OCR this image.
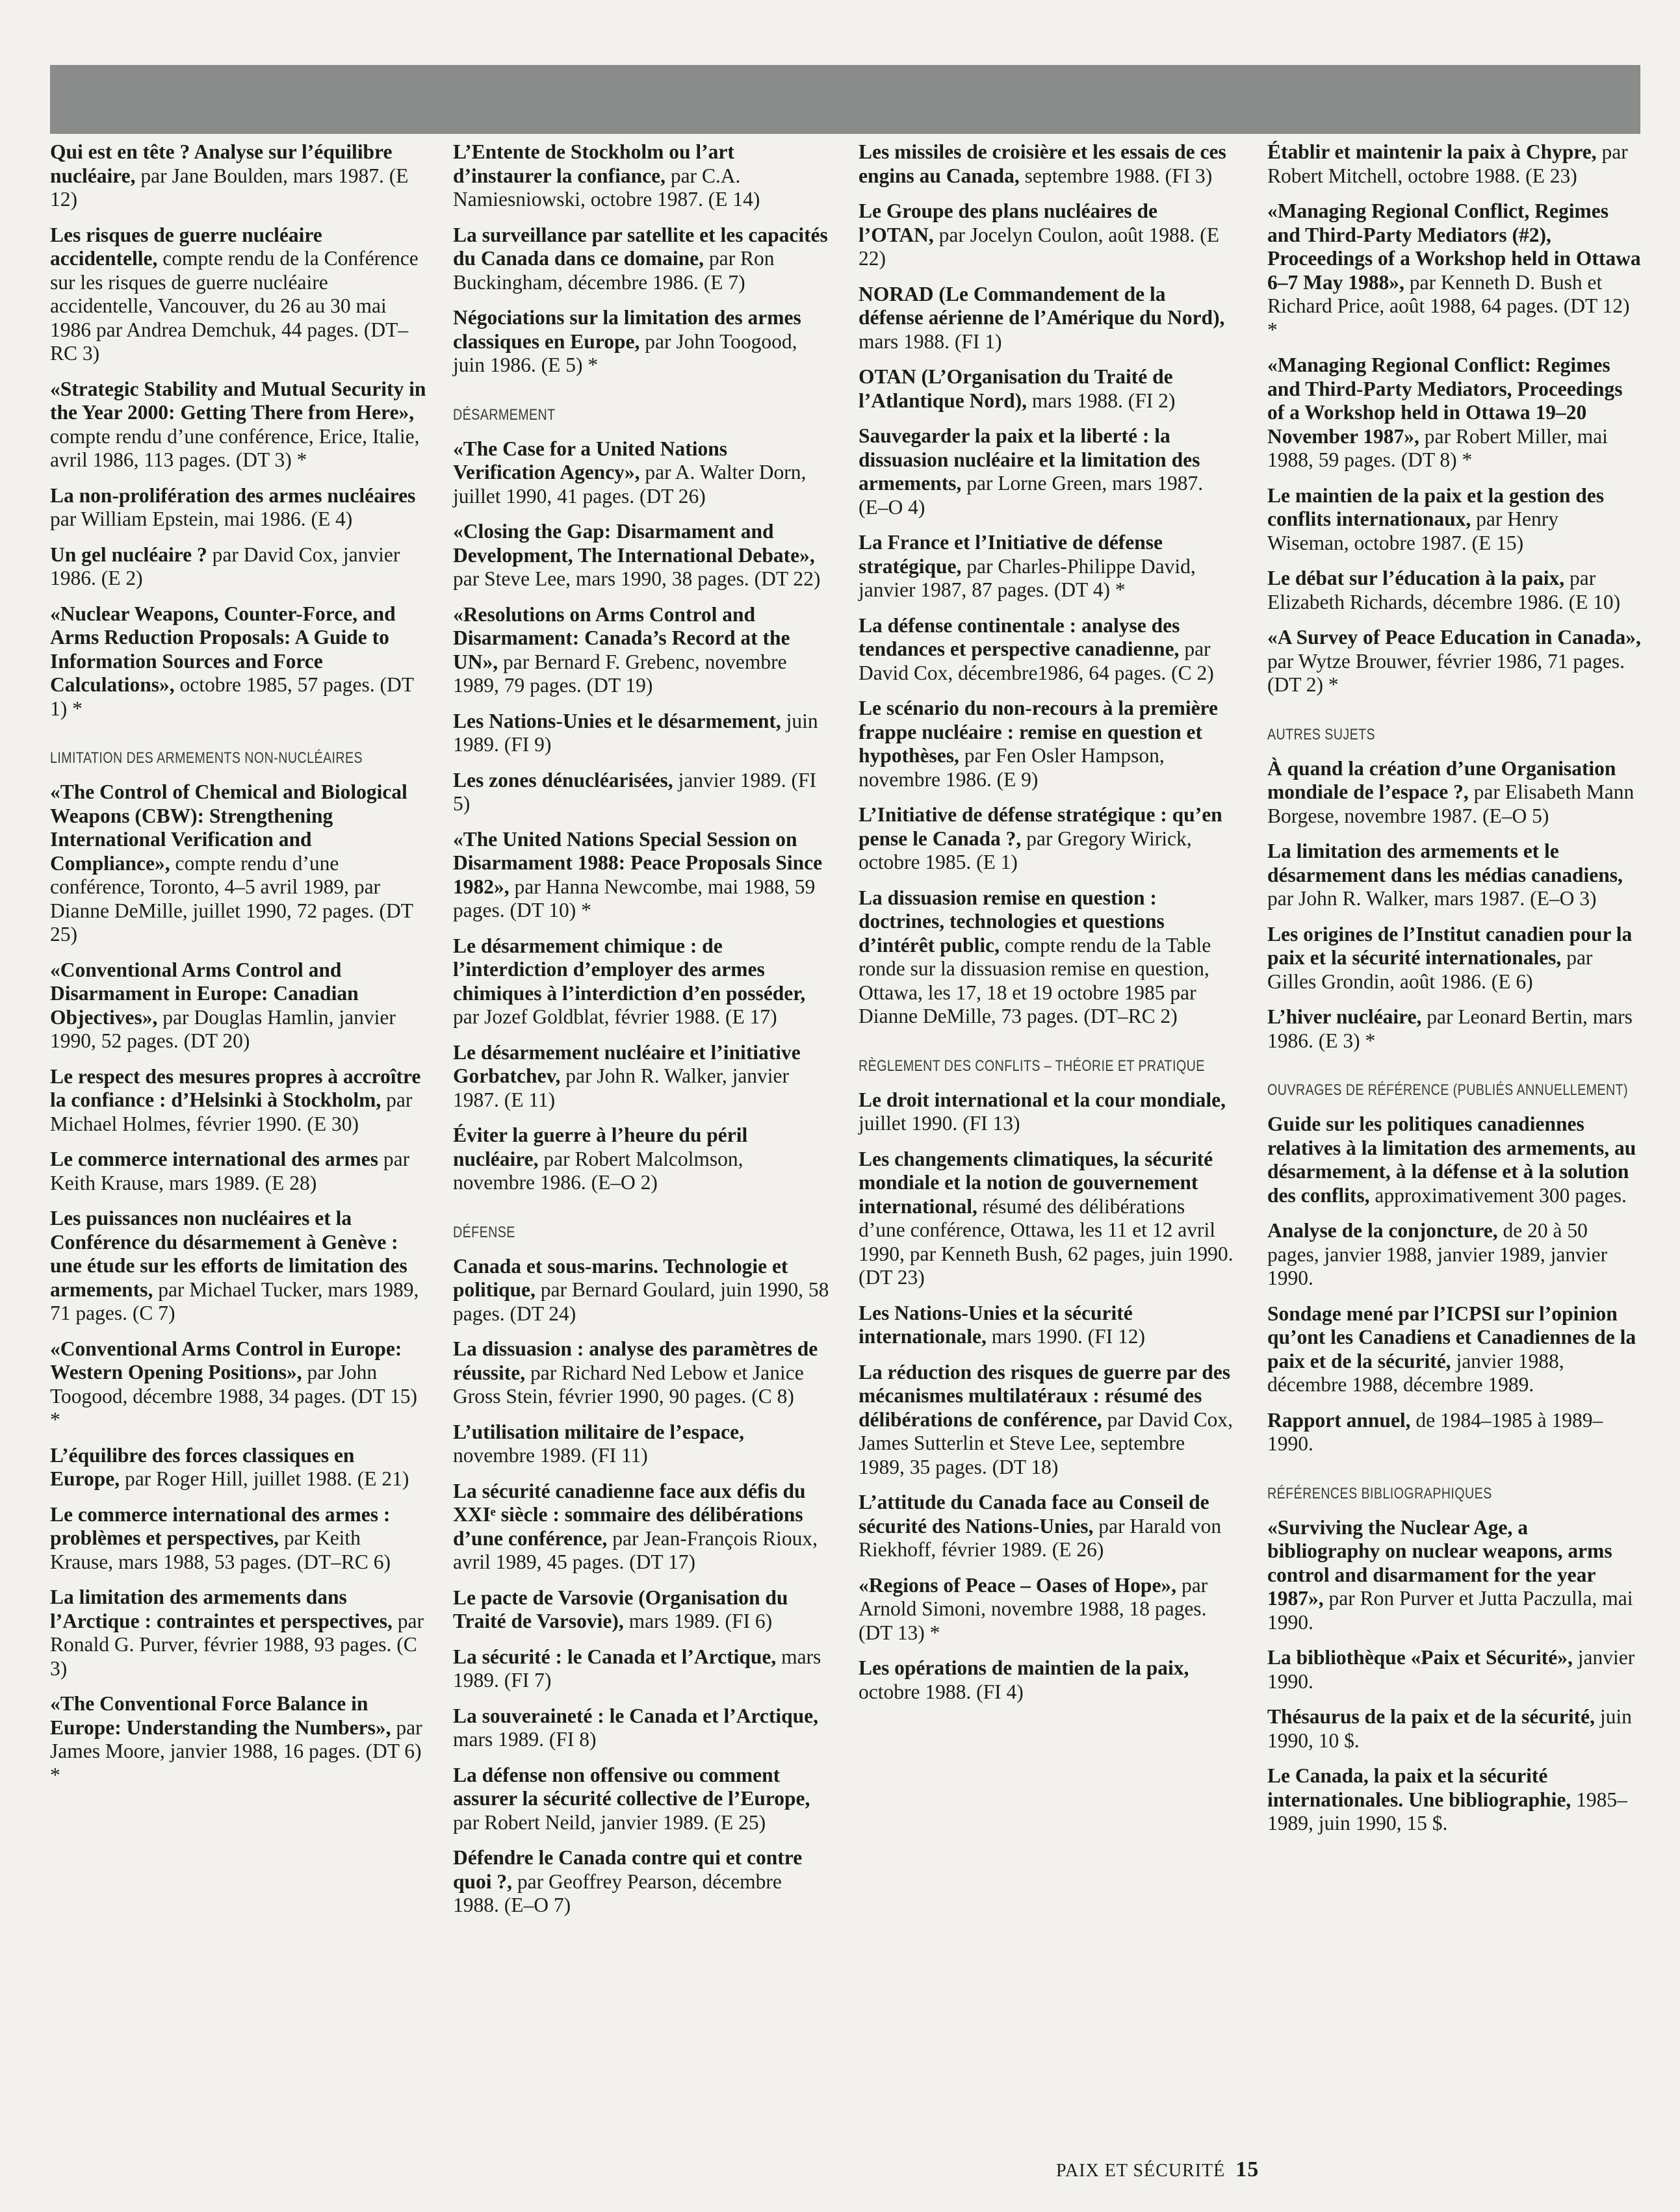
Qui est en tête ? Analyse sur l’équilibre nucléaire, par Jane Boulden, mars 1987. (E 12)

Les risques de guerre nucléaire accidentelle, compte rendu de la Conférence sur les risques de guerre nucléaire accidentelle, Vancouver, du 26 au 30 mai 1986 par Andrea Demchuk, 44 pages. (DT–RC 3)

«Strategic Stability and Mutual Security in the Year 2000: Getting There from Here», compte rendu d’une conférence, Erice, Italie, avril 1986, 113 pages. (DT 3) *

La non-prolifération des armes nucléaires par William Epstein, mai 1986. (E 4)

Un gel nucléaire ? par David Cox, janvier 1986. (E 2)

«Nuclear Weapons, Counter-Force, and Arms Reduction Proposals: A Guide to Information Sources and Force Calculations», octobre 1985, 57 pages. (DT 1) *

LIMITATION DES ARMEMENTS NON-NUCLÉAIRES

«The Control of Chemical and Biological Weapons (CBW): Strengthening International Verification and Compliance», compte rendu d’une conférence, Toronto, 4–5 avril 1989, par Dianne DeMille, juillet 1990, 72 pages. (DT 25)

«Conventional Arms Control and Disarmament in Europe: Canadian Objectives», par Douglas Hamlin, janvier 1990, 52 pages. (DT 20)

Le respect des mesures propres à accroître la confiance : d’Helsinki à Stockholm, par Michael Holmes, février 1990. (E 30)

Le commerce international des armes par Keith Krause, mars 1989. (E 28)

Les puissances non nucléaires et la Conférence du désarmement à Genève : une étude sur les efforts de limitation des armements, par Michael Tucker, mars 1989, 71 pages. (C 7)

«Conventional Arms Control in Europe: Western Opening Positions», par John Toogood, décembre 1988, 34 pages. (DT 15) *

L’équilibre des forces classiques en Europe, par Roger Hill, juillet 1988. (E 21)

Le commerce international des armes : problèmes et perspectives, par Keith Krause, mars 1988, 53 pages. (DT–RC 6)

La limitation des armements dans l’Arctique : contraintes et perspectives, par Ronald G. Purver, février 1988, 93 pages. (C 3)

«The Conventional Force Balance in Europe: Understanding the Numbers», par James Moore, janvier 1988, 16 pages. (DT 6) *

L’Entente de Stockholm ou l’art d’instaurer la confiance, par C.A. Namiesniowski, octobre 1987. (E 14)

La surveillance par satellite et les capacités du Canada dans ce domaine, par Ron Buckingham, décembre 1986. (E 7)

Négociations sur la limitation des armes classiques en Europe, par John Toogood, juin 1986. (E 5) *

DÉSARMEMENT

«The Case for a United Nations Verification Agency», par A. Walter Dorn, juillet 1990, 41 pages. (DT 26)

«Closing the Gap: Disarmament and Development, The International Debate», par Steve Lee, mars 1990, 38 pages. (DT 22)

«Resolutions on Arms Control and Disarmament: Canada’s Record at the UN», par Bernard F. Grebenc, novembre 1989, 79 pages. (DT 19)

Les Nations-Unies et le désarmement, juin 1989. (FI 9)

Les zones dénucléarisées, janvier 1989. (FI 5)

«The United Nations Special Session on Disarmament 1988: Peace Proposals Since 1982», par Hanna Newcombe, mai 1988, 59 pages. (DT 10) *

Le désarmement chimique : de l’interdiction d’employer des armes chimiques à l’interdiction d’en posséder, par Jozef Goldblat, février 1988. (E 17)

Le désarmement nucléaire et l’initiative Gorbatchev, par John R. Walker, janvier 1987. (E 11)

Éviter la guerre à l’heure du péril nucléaire, par Robert Malcolmson, novembre 1986. (E–O 2)

DÉFENSE

Canada et sous-marins. Technologie et politique, par Bernard Goulard, juin 1990, 58 pages. (DT 24)

La dissuasion : analyse des paramètres de réussite, par Richard Ned Lebow et Janice Gross Stein, février 1990, 90 pages. (C 8)

L’utilisation militaire de l’espace, novembre 1989. (FI 11)

La sécurité canadienne face aux défis du XXIᵉ siècle : sommaire des délibérations d’une conférence, par Jean-François Rioux, avril 1989, 45 pages. (DT 17)

Le pacte de Varsovie (Organisation du Traité de Varsovie), mars 1989. (FI 6)

La sécurité : le Canada et l’Arctique, mars 1989. (FI 7)

La souveraineté : le Canada et l’Arctique, mars 1989. (FI 8)

La défense non offensive ou comment assurer la sécurité collective de l’Europe, par Robert Neild, janvier 1989. (E 25)

Défendre le Canada contre qui et contre quoi ?, par Geoffrey Pearson, décembre 1988. (E–O 7)

Les missiles de croisière et les essais de ces engins au Canada, septembre 1988. (FI 3)

Le Groupe des plans nucléaires de l’OTAN, par Jocelyn Coulon, août 1988. (E 22)

NORAD (Le Commandement de la défense aérienne de l’Amérique du Nord), mars 1988. (FI 1)

OTAN (L’Organisation du Traité de l’Atlantique Nord), mars 1988. (FI 2)

Sauvegarder la paix et la liberté : la dissuasion nucléaire et la limitation des armements, par Lorne Green, mars 1987. (E–O 4)

La France et l’Initiative de défense stratégique, par Charles-Philippe David, janvier 1987, 87 pages. (DT 4) *

La défense continentale : analyse des tendances et perspective canadienne, par David Cox, décembre1986, 64 pages. (C 2)

Le scénario du non-recours à la première frappe nucléaire : remise en question et hypothèses, par Fen Osler Hampson, novembre 1986. (E 9)

L’Initiative de défense stratégique : qu’en pense le Canada ?, par Gregory Wirick, octobre 1985. (E 1)

La dissuasion remise en question : doctrines, technologies et questions d’intérêt public, compte rendu de la Table ronde sur la dissuasion remise en question, Ottawa, les 17, 18 et 19 octobre 1985 par Dianne DeMille, 73 pages. (DT–RC 2)

RÈGLEMENT DES CONFLITS – THÉORIE ET PRATIQUE

Le droit international et la cour mondiale, juillet 1990. (FI 13)

Les changements climatiques, la sécurité mondiale et la notion de gouvernement international, résumé des délibérations d’une conférence, Ottawa, les 11 et 12 avril 1990, par Kenneth Bush, 62 pages, juin 1990. (DT 23)

Les Nations-Unies et la sécurité internationale, mars 1990. (FI 12)

La réduction des risques de guerre par des mécanismes multilatéraux : résumé des délibérations de conférence, par David Cox, James Sutterlin et Steve Lee, septembre 1989, 35 pages. (DT 18)

L’attitude du Canada face au Conseil de sécurité des Nations-Unies, par Harald von Riekhoff, février 1989. (E 26)

«Regions of Peace – Oases of Hope», par Arnold Simoni, novembre 1988, 18 pages. (DT 13) *

Les opérations de maintien de la paix, octobre 1988. (FI 4)

Établir et maintenir la paix à Chypre, par Robert Mitchell, octobre 1988. (E 23)

«Managing Regional Conflict, Regimes and Third-Party Mediators (#2), Proceedings of a Workshop held in Ottawa 6–7 May 1988», par Kenneth D. Bush et Richard Price, août 1988, 64 pages. (DT 12) *

«Managing Regional Conflict: Regimes and Third-Party Mediators, Proceedings of a Workshop held in Ottawa 19–20 November 1987», par Robert Miller, mai 1988, 59 pages. (DT 8) *

Le maintien de la paix et la gestion des conflits internationaux, par Henry Wiseman, octobre 1987. (E 15)

Le débat sur l’éducation à la paix, par Elizabeth Richards, décembre 1986. (E 10)

«A Survey of Peace Education in Canada», par Wytze Brouwer, février 1986, 71 pages. (DT 2) *

AUTRES SUJETS

À quand la création d’une Organisation mondiale de l’espace ?, par Elisabeth Mann Borgese, novembre 1987. (E–O 5)

La limitation des armements et le désarmement dans les médias canadiens, par John R. Walker, mars 1987. (E–O 3)

Les origines de l’Institut canadien pour la paix et la sécurité internationales, par Gilles Grondin, août 1986. (E 6)

L’hiver nucléaire, par Leonard Bertin, mars 1986. (E 3) *

OUVRAGES DE RÉFÉRENCE (PUBLIÉS ANNUELLEMENT)

Guide sur les politiques canadiennes relatives à la limitation des armements, au désarmement, à la défense et à la solution des conflits, approximativement 300 pages.

Analyse de la conjoncture, de 20 à 50 pages, janvier 1988, janvier 1989, janvier 1990.

Sondage mené par l’ICPSI sur l’opinion qu’ont les Canadiens et Canadiennes de la paix et de la sécurité, janvier 1988, décembre 1988, décembre 1989.

Rapport annuel, de 1984–1985 à 1989–1990.

RÉFÉRENCES BIBLIOGRAPHIQUES

«Surviving the Nuclear Age, a bibliography on nuclear weapons, arms control and disarmament for the year 1987», par Ron Purver et Jutta Paczulla, mai 1990.

La bibliothèque «Paix et Sécurité», janvier 1990.

Thésaurus de la paix et de la sécurité, juin 1990, 10 $.

Le Canada, la paix et la sécurité internationales. Une bibliographie, 1985–1989, juin 1990, 15 $.

PAIX ET SÉCURITÉ 15
